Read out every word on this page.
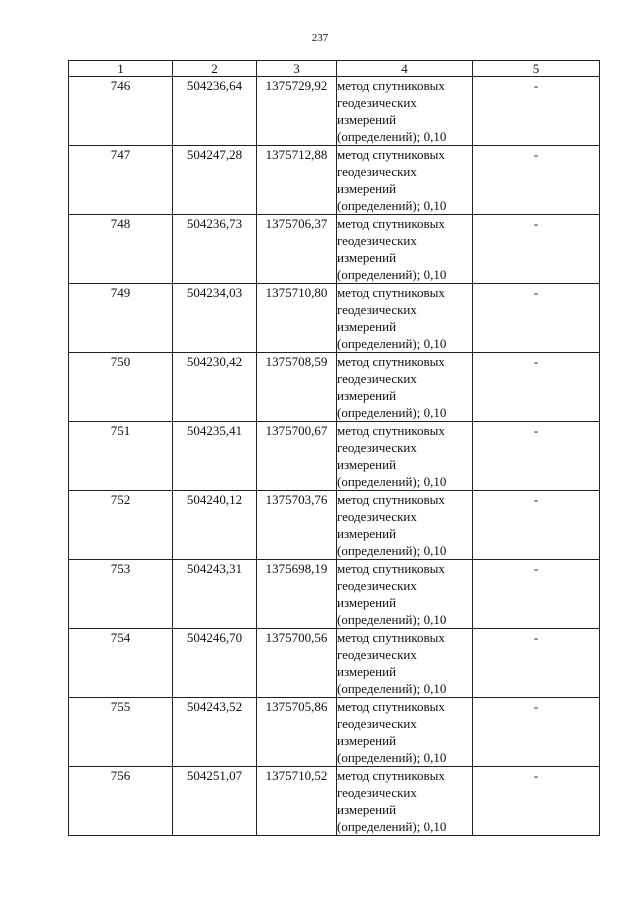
237
1	2	3	4	5
746	504236,64	1375729,92	метод спутниковых
геодезических
измерений
(определений); 0,10	-
747	504247,28	1375712,88	метод спутниковых
геодезических
измерений
(определений); 0,10	-
748	504236,73	1375706,37	метод спутниковых
геодезических
измерений
(определений); 0,10	-
749	504234,03	1375710,80	метод спутниковых
геодезических
измерений
(определений); 0,10	-
750	504230,42	1375708,59	метод спутниковых
геодезических
измерений
(определений); 0,10	-
751	504235,41	1375700,67	метод спутниковых
геодезических
измерений
(определений); 0,10	-
752	504240,12	1375703,76	метод спутниковых
геодезических
измерений
(определений); 0,10	-
753	504243,31	1375698,19	метод спутниковых
геодезических
измерений
(определений); 0,10	-
754	504246,70	1375700,56	метод спутниковых
геодезических
измерений
(определений); 0,10	-
755	504243,52	1375705,86	метод спутниковых
геодезических
измерений
(определений); 0,10	-
756	504251,07	1375710,52	метод спутниковых
геодезических
измерений
(определений); 0,10	-
